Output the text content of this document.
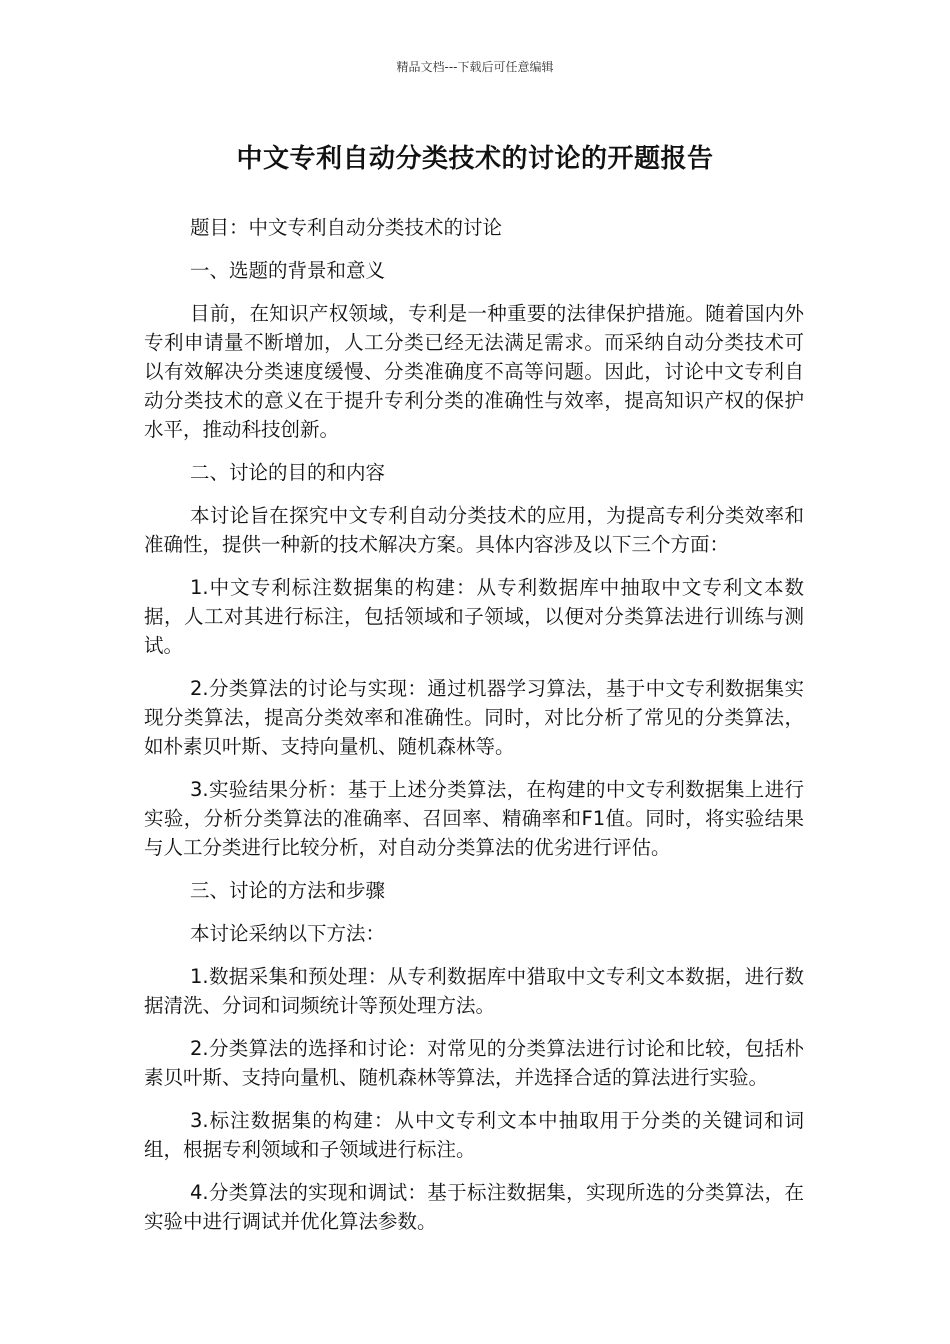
精品文档---下载后可任意编辑
中文专利自动分类技术的讨论的开题报告

题目：中文专利自动分类技术的讨论

一、选题的背景和意义

目前，在知识产权领域，专利是一种重要的法律保护措施。随着国内外专利申请量不断增加，人工分类已经无法满足需求。而采纳自动分类技术可以有效解决分类速度缓慢、分类准确度不高等问题。因此，讨论中文专利自动分类技术的意义在于提升专利分类的准确性与效率，提高知识产权的保护水平，推动科技创新。

二、讨论的目的和内容

本讨论旨在探究中文专利自动分类技术的应用，为提高专利分类效率和准确性，提供一种新的技术解决方案。具体内容涉及以下三个方面：

1.中文专利标注数据集的构建：从专利数据库中抽取中文专利文本数据，人工对其进行标注，包括领域和子领域，以便对分类算法进行训练与测试。

2.分类算法的讨论与实现：通过机器学习算法，基于中文专利数据集实现分类算法，提高分类效率和准确性。同时，对比分析了常见的分类算法，如朴素贝叶斯、支持向量机、随机森林等。

3.实验结果分析：基于上述分类算法，在构建的中文专利数据集上进行实验，分析分类算法的准确率、召回率、精确率和F1值。同时，将实验结果与人工分类进行比较分析，对自动分类算法的优劣进行评估。

三、讨论的方法和步骤

本讨论采纳以下方法：

1.数据采集和预处理：从专利数据库中猎取中文专利文本数据，进行数据清洗、分词和词频统计等预处理方法。

2.分类算法的选择和讨论：对常见的分类算法进行讨论和比较，包括朴素贝叶斯、支持向量机、随机森林等算法，并选择合适的算法进行实验。

3.标注数据集的构建：从中文专利文本中抽取用于分类的关键词和词组，根据专利领域和子领域进行标注。

4.分类算法的实现和调试：基于标注数据集，实现所选的分类算法，在实验中进行调试并优化算法参数。
